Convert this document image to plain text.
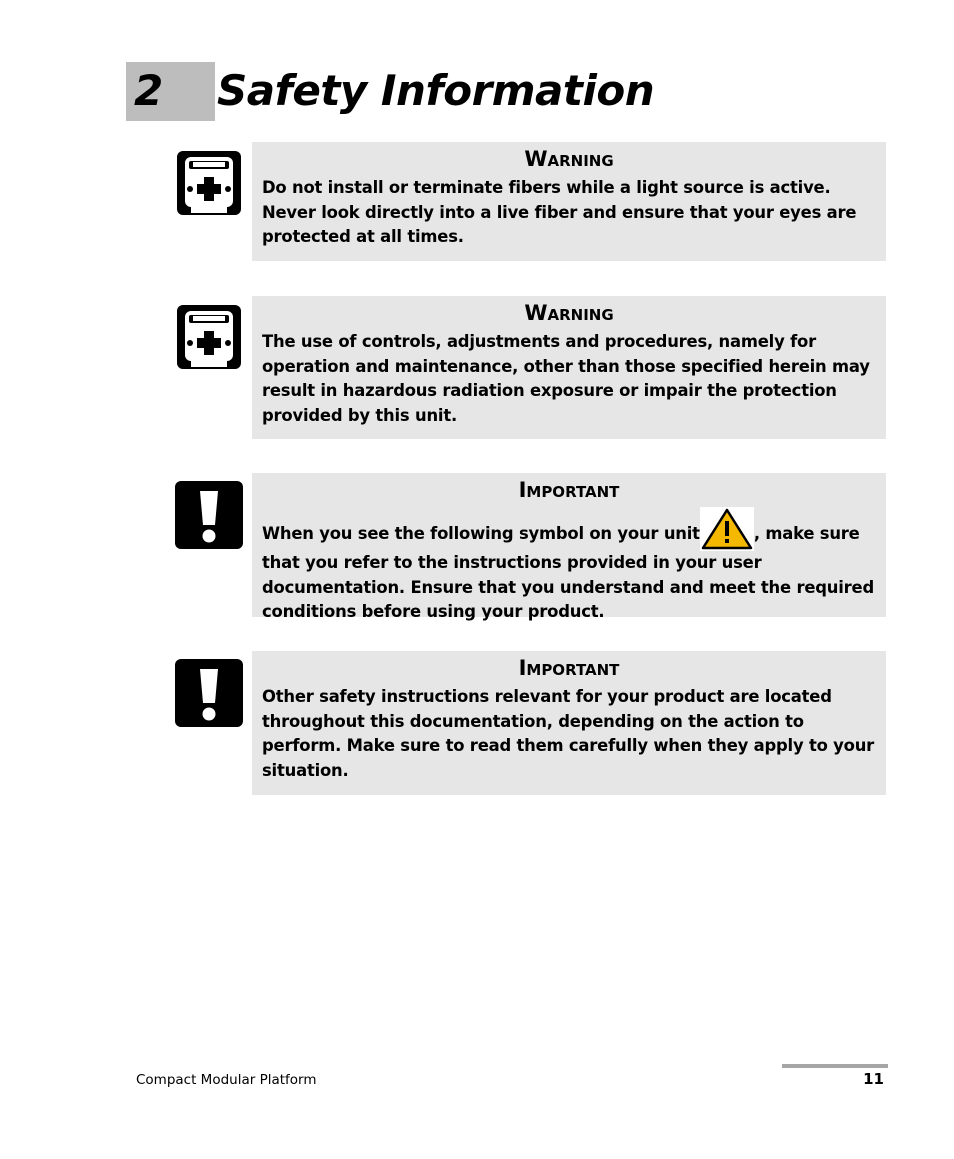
2 Safety Information
Warning
Do not install or terminate fibers while a light source is active. Never look directly into a live fiber and ensure that your eyes are protected at all times.
Warning
The use of controls, adjustments and procedures, namely for operation and maintenance, other than those specified herein may result in hazardous radiation exposure or impair the protection provided by this unit.
Important
When you see the following symbol on your unit	, make sure that you refer to the instructions provided in your user documentation. Ensure that you understand and meet the required conditions before using your product.
Important
Other safety instructions relevant for your product are located throughout this documentation, depending on the action to perform. Make sure to read them carefully when they apply to your situation.
Compact Modular Platform	11
